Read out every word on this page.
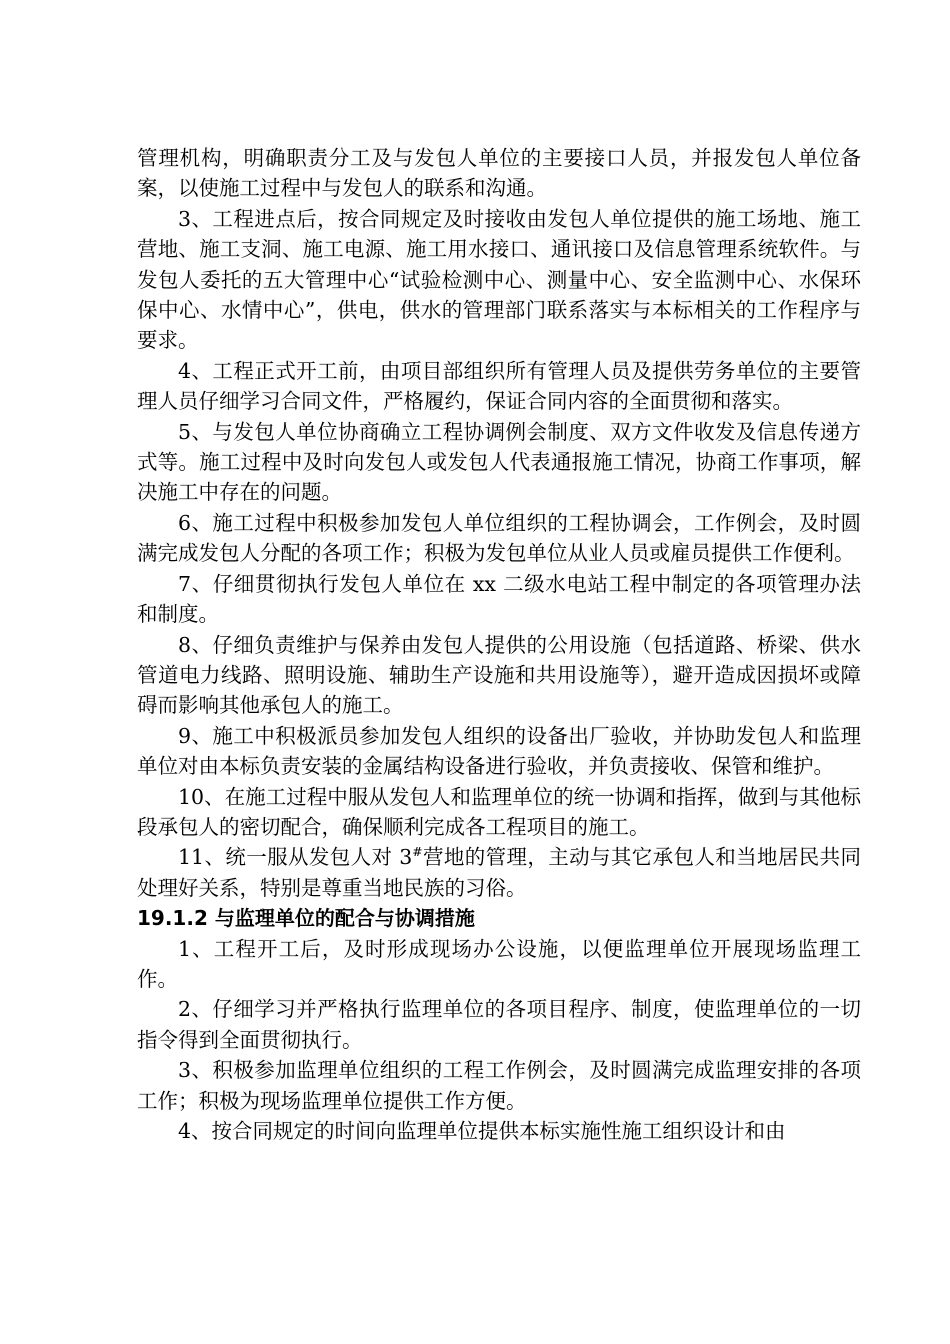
管理机构，明确职责分工及与发包人单位的主要接口人员，并报发包人单位备案，以使施工过程中与发包人的联系和沟通。

3、工程进点后，按合同规定及时接收由发包人单位提供的施工场地、施工营地、施工支洞、施工电源、施工用水接口、通讯接口及信息管理系统软件。与发包人委托的五大管理中心“试验检测中心、测量中心、安全监测中心、水保环保中心、水情中心”，供电，供水的管理部门联系落实与本标相关的工作程序与要求。

4、工程正式开工前，由项目部组织所有管理人员及提供劳务单位的主要管理人员仔细学习合同文件，严格履约，保证合同内容的全面贯彻和落实。

5、与发包人单位协商确立工程协调例会制度、双方文件收发及信息传递方式等。施工过程中及时向发包人或发包人代表通报施工情况，协商工作事项，解决施工中存在的问题。

6、施工过程中积极参加发包人单位组织的工程协调会，工作例会，及时圆满完成发包人分配的各项工作；积极为发包单位从业人员或雇员提供工作便利。

7、仔细贯彻执行发包人单位在 xx 二级水电站工程中制定的各项管理办法和制度。

8、仔细负责维护与保养由发包人提供的公用设施（包括道路、桥梁、供水管道电力线路、照明设施、辅助生产设施和共用设施等），避开造成因损坏或障碍而影响其他承包人的施工。

9、施工中积极派员参加发包人组织的设备出厂验收，并协助发包人和监理单位对由本标负责安装的金属结构设备进行验收，并负责接收、保管和维护。

10、在施工过程中服从发包人和监理单位的统一协调和指挥，做到与其他标段承包人的密切配合，确保顺利完成各工程项目的施工。

11、统一服从发包人对 3#营地的管理，主动与其它承包人和当地居民共同处理好关系，特别是尊重当地民族的习俗。

19.1.2 与监理单位的配合与协调措施

1、工程开工后，及时形成现场办公设施，以便监理单位开展现场监理工作。

2、仔细学习并严格执行监理单位的各项目程序、制度，使监理单位的一切指令得到全面贯彻执行。

3、积极参加监理单位组织的工程工作例会，及时圆满完成监理安排的各项工作；积极为现场监理单位提供工作方便。

4、按合同规定的时间向监理单位提供本标实施性施工组织设计和由
